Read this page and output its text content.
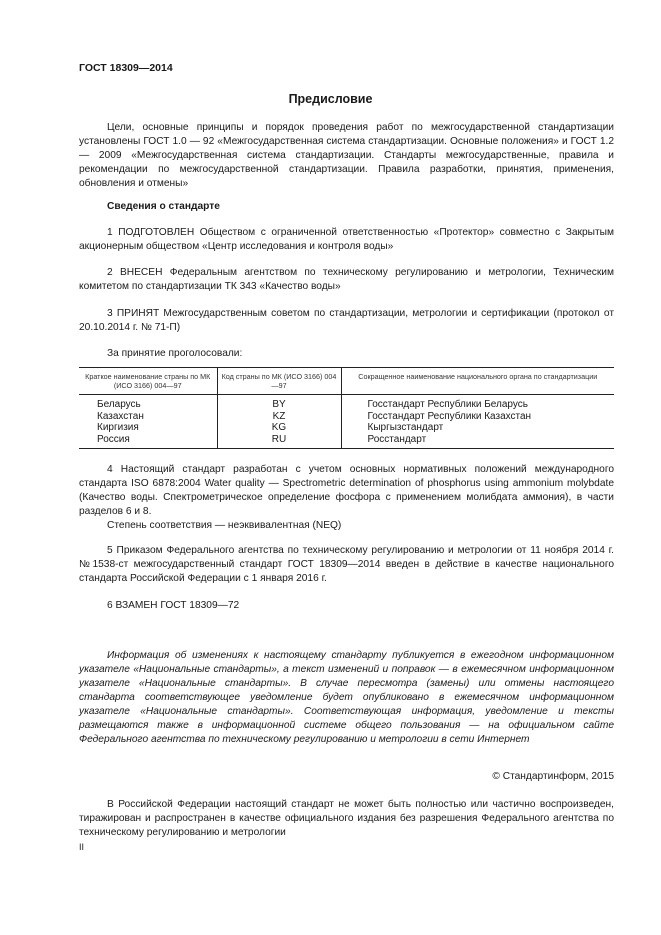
ГОСТ 18309—2014
Предисловие

Цели, основные принципы и порядок проведения работ по межгосударственной стандартизации установлены ГОСТ 1.0 — 92 «Межгосударственная система стандартизации. Основные положения» и ГОСТ 1.2 — 2009 «Межгосударственная система стандартизации. Стандарты межгосударственные, правила и рекомендации по межгосударственной стандартизации. Правила разработки, принятия, применения, обновления и отмены»

Сведения о стандарте

1 ПОДГОТОВЛЕН Обществом с ограниченной ответственностью «Протектор» совместно с Закрытым акционерным обществом «Центр исследования и контроля воды»

2 ВНЕСЕН Федеральным агентством по техническому регулированию и метрологии, Техническим комитетом по стандартизации ТК 343 «Качество воды»

3 ПРИНЯТ Межгосударственным советом по стандартизации, метрологии и сертификации (протокол от 20.10.2014 г. № 71-П)

За принятие проголосовали:

Краткое наименование страны по МК (ИСО 3166) 004—97	Код страны по МК (ИСО 3166) 004—97	Сокращенное наименование национального органа по стандартизации
Беларусь	BY	Госстандарт Республики Беларусь
Казахстан	KZ	Госстандарт Республики Казахстан
Киргизия	KG	Кыргызстандарт
Россия	RU	Росстандарт

4 Настоящий стандарт разработан с учетом основных нормативных положений международного стандарта ISO 6878:2004 Water quality — Spectrometric determination of phosphorus using ammonium molybdate (Качество воды. Спектрометрическое определение фосфора с применением молибдата аммония), в части разделов 6 и 8.

Степень соответствия — неэквивалентная (NEQ)

5 Приказом Федерального агентства по техническому регулированию и метрологии от 11 ноября 2014 г. №1538-ст межгосударственный стандарт ГОСТ 18309—2014 введен в действие в качестве национального стандарта Российской Федерации с 1 января 2016 г.

6 ВЗАМЕН ГОСТ 18309—72

Информация об изменениях к настоящему стандарту публикуется в ежегодном информационном указателе «Национальные стандарты», а текст изменений и поправок — в ежемесячном информационном указателе «Национальные стандарты». В случае пересмотра (замены) или отмены настоящего стандарта соответствующее уведомление будет опубликовано в ежемесячном информационном указателе «Национальные стандарты». Соответствующая информация, уведомление и тексты размещаются также в информационной системе общего пользования — на официальном сайте Федерального агентства по техническому регулированию и метрологии в сети Интернет

© Стандартинформ, 2015

В Российской Федерации настоящий стандарт не может быть полностью или частично воспроизведен, тиражирован и распространен в качестве официального издания без разрешения Федерального агентства по техническому регулированию и метрологии

II
